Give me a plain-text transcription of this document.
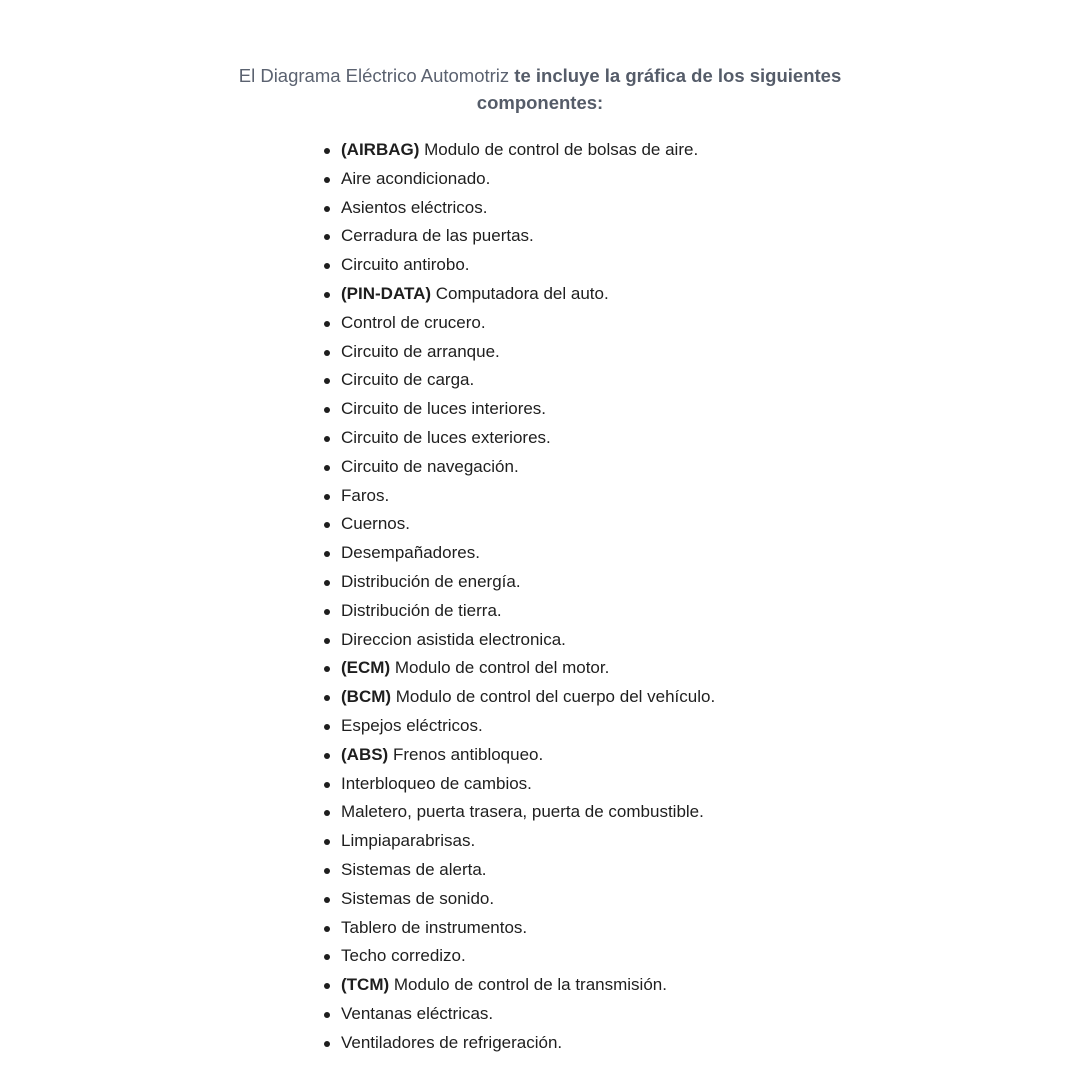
El Diagrama Eléctrico Automotriz te incluye la gráfica de los siguientes
componentes:
(AIRBAG) Modulo de control de bolsas de aire.
Aire acondicionado.
Asientos eléctricos.
Cerradura de las puertas.
Circuito antirobo.
(PIN-DATA) Computadora del auto.
Control de crucero.
Circuito de arranque.
Circuito de carga.
Circuito de luces interiores.
Circuito de luces exteriores.
Circuito de navegación.
Faros.
Cuernos.
Desempañadores.
Distribución de energía.
Distribución de tierra.
Direccion asistida electronica.
(ECM) Modulo de control del motor.
(BCM) Modulo de control del cuerpo del vehículo.
Espejos eléctricos.
(ABS) Frenos antibloqueo.
Interbloqueo de cambios.
Maletero, puerta trasera, puerta de combustible.
Limpiaparabrisas.
Sistemas de alerta.
Sistemas de sonido.
Tablero de instrumentos.
Techo corredizo.
(TCM) Modulo de control de la transmisión.
Ventanas eléctricas.
Ventiladores de refrigeración.
